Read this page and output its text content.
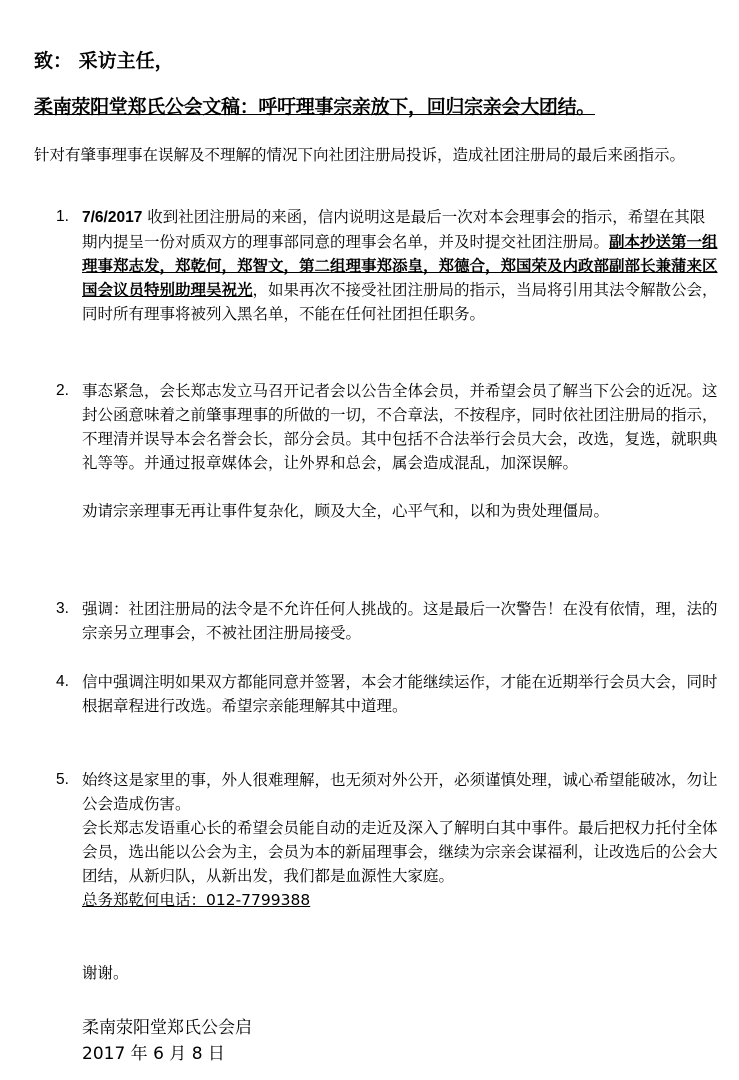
致： 采访主任，
柔南荥阳堂郑氏公会文稿：呼吁理事宗亲放下，回归宗亲会大团结。
针对有肇事理事在误解及不理解的情况下向社团注册局投诉，造成社团注册局的最后来函指示。
1. 7/6/2017 收到社团注册局的来函，信内说明这是最后一次对本会理事会的指示，希望在其限期内提呈一份对质双方的理事部同意的理事会名单，并及时提交社团注册局。副本抄送第一组理事郑志发，郑乾何，郑智文，第二组理事郑添皇，郑德合，郑国荣及内政部副部长兼蒲来区国会议员特别助理吴祝光，如果再次不接受社团注册局的指示，当局将引用其法令解散公会，同时所有理事将被列入黑名单，不能在任何社团担任职务。

2. 事态紧急，会长郑志发立马召开记者会以公告全体会员，并希望会员了解当下公会的近况。这封公函意味着之前肇事理事的所做的一切，不合章法，不按程序，同时依社团注册局的指示，不理清并误导本会名誉会长，部分会员。其中包括不合法举行会员大会，改选，复选，就职典礼等等。并通过报章媒体会，让外界和总会，属会造成混乱，加深误解。

劝请宗亲理事无再让事件复杂化，顾及大全，心平气和，以和为贵处理僵局。

3. 强调：社团注册局的法令是不允许任何人挑战的。这是最后一次警告！在没有依情，理，法的宗亲另立理事会，不被社团注册局接受。

4. 信中强调注明如果双方都能同意并签署，本会才能继续运作，才能在近期举行会员大会，同时根据章程进行改选。希望宗亲能理解其中道理。

5. 始终这是家里的事，外人很难理解，也无须对外公开，必须谨慎处理，诚心希望能破冰，勿让公会造成伤害。

会长郑志发语重心长的希望会员能自动的走近及深入了解明白其中事件。最后把权力托付全体会员，选出能以公会为主，会员为本的新届理事会，继续为宗亲会谋福利，让改选后的公会大团结，从新归队，从新出发，我们都是血源性大家庭。

总务郑乾何电话：012-7799388

谢谢。
柔南荥阳堂郑氏公会启
2017 年 6 月 8 日
